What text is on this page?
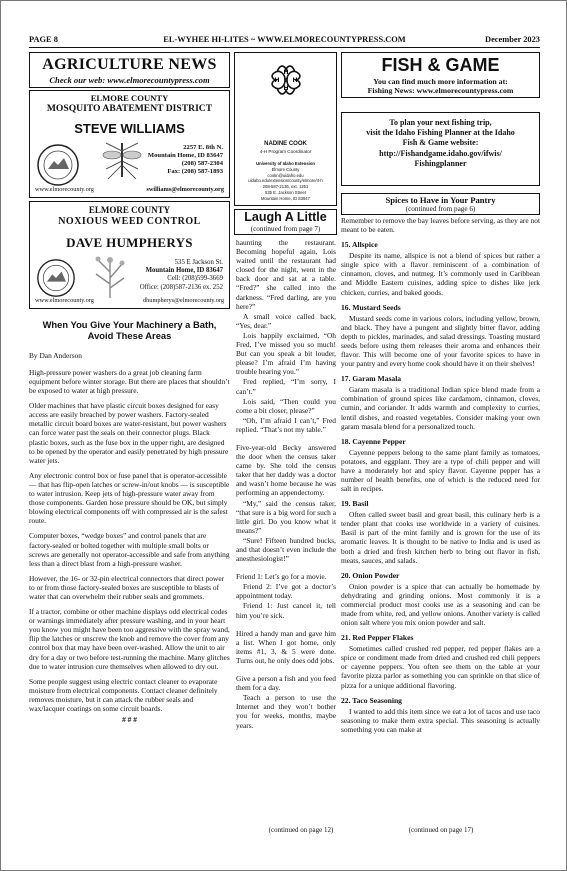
PAGE 8	EL-WYHEE HI-LITES ~ WWW.ELMORECOUNTYPRESS.COM	December 2023
AGRICULTURE NEWS
Check our web: www.elmorecountypress.com
ELMORE COUNTY
MOSQUITO ABATEMENT DISTRICT
STEVE WILLIAMS
2257 E. 8th N.
Mountain Home, ID 83647
(208) 587-2304
Fax: (208) 587-1893
www.elmorecounty.org	swilliams@elmorecounty.org
ELMORE COUNTY
NOXIOUS WEED CONTROL
DAVE HUMPHERYS
535 E Jackson St.
Mountain Home, ID 83647
Cell: (208)599-3669
Office: (208)587-2136 ex. 252
www.elmorecounty.org	dhumpherys@elmorecounty.org
When You Give Your Machinery a Bath,
Avoid These Areas
By Dan Anderson

High-pressure power washers do a great job cleaning farm equipment before winter storage. But there are places that shouldn’t be exposed to water at high pressure.

Older machines that have plastic circuit boxes designed for easy access are easily breached by power washers. Factory-sealed metallic circuit board boxes are water-resistant, but power washers can force water past the seals on their connector plugs. Black plastic boxes, such as the fuse box in the upper right, are designed to be opened by the operator and easily penetrated by high pressure water jets.

Any electronic control box or fuse panel that is operator-accessible — that has flip-open latches or screw-in/out knobs — is susceptible to water intrusion. Keep jets of high-pressure water away from those components. Garden hose pressure should be OK, but simply blowing electrical components off with compressed air is the safest route.

Computer boxes, “wedge boxes” and control panels that are factory-sealed or bolted together with multiple small bolts or screws are generally not operator-accessible and safe from anything less than a direct blast from a high-pressure washer.

However, the 16- or 32-pin electrical connectors that direct power to or from those factory-sealed boxes are susceptible to blasts of water that can overwhelm their rubber seals and grommets.

If a tractor, combine or other machine displays odd electrical codes or warnings immediately after pressure washing, and in your heart you know you might have been too aggressive with the spray wand, flip the latches or unscrew the knob and remove the cover from any control box that may have been over-washed. Allow the unit to air dry for a day or two before test-running the machine. Many glitches due to water intrusion cure themselves when allowed to dry out.

Some people suggest using electric contact cleaner to evaporate moisture from electrical components. Contact cleaner definitely removes moisture, but it can attack the rubber seals and wax/lacquer coatings on some circuit boards.

# # #
H
H
H H
NADINE COOK
4-H Program Coordinator
University of Idaho Extension
Elmore County
cookn@uidaho.edu
uidaho.edu/extension/county/elmore/4-h
208-587-2136, ext. 1251
535 E. Jackson Street
Mountain Home, ID 83647
Laugh A Little
(continued from page 7)

haunting the restaurant. Becoming hopeful again, Lois waited until the restaurant had closed for the night, went in the back door and sat at a table. “Fred?” she called into the darkness. “Fred darling, are you here?”

A small voice called back, “Yes, dear.”

Lois happily exclaimed, “Oh Fred, I’ve missed you so much! But can you speak a bit louder, please? I’m afraid I’m having trouble hearing you.”

Fred replied, “I’m sorry, I can’t.”

Lois said, “Then could you come a bit closer, please?”

“Oh, I’m afraid I can’t,” Fred replied. “That’s not my table.”

Five-year-old Becky answered the door when the census taker came by. She told the census taker that her daddy was a doctor and wasn’t home because he was performing an appendectomy.

“My,” said the census taker, “that sure is a big word for such a little girl. Do you know what it means?”

“Sure! Fifteen hundred bucks, and that doesn’t even include the anesthesiologist!”

Friend 1: Let’s go for a movie.

Friend 2: I’ve got a doctor’s appointment today.

Friend 1: Just cancel it, tell him you’re sick.

Hired a handy man and gave him a list. When I got home, only items #1, 3, & 5 were done. Turns out, he only does odd jobs.

Give a person a fish and you feed them for a day.

Teach a person to use the Internet and they won’t bother you for weeks, months, maybe years.

(continued on page 12)
FISH & GAME
You can find much more information at:
Fishing News: www.elmorecountypress.com
To plan your next fishing trip,
visit the Idaho Fishing Planner at the Idaho
Fish & Game website:
http://Fishandgame.idaho.gov/ifwis/
Fishingplanner
Spices to Have in Your Pantry
(continued from page 6)

Remember to remove the bay leaves before serving, as they are not meant to be eaten.

15. Allspice

Despite its name, allspice is not a blend of spices but rather a single spice with a flavor reminiscent of a combination of cinnamon, cloves, and nutmeg. It’s commonly used in Caribbean and Middle Eastern cuisines, adding spice to dishes like jerk chicken, curries, and baked goods.

16. Mustard Seeds

Mustard seeds come in various colors, including yellow, brown, and black. They have a pungent and slightly bitter flavor, adding depth to pickles, marinades, and salad dressings. Toasting mustard seeds before using them releases their aroma and enhances their flavor. This will become one of your favorite spices to have in your pantry and every home cook should have it on their shelves!

17. Garam Masala

Garam masala is a traditional Indian spice blend made from a combination of ground spices like cardamom, cinnamon, cloves, cumin, and coriander. It adds warmth and complexity to curries, lentil dishes, and roasted vegetables. Consider making your own garam masala blend for a personalized touch.

18. Cayenne Pepper

Cayenne peppers belong to the same plant family as tomatoes, potatoes, and eggplant. They are a type of chili pepper and will have a moderately hot and spicy flavor. Cayenne pepper has a number of health benefits, one of which is the reduced need for salt in recipes.

19. Basil

Often called sweet basil and great basil, this culinary herb is a tender plant that cooks use worldwide in a variety of cuisines. Basil is part of the mint family and is grown for the use of its aromatic leaves. It is thought to be native to India and is used as both a dried and fresh kitchen herb to bring out flavor in fish, meats, sauces, and salads.

20. Onion Powder

Onion powder is a spice that can actually be homemade by dehydrating and grinding onions. Most commonly it is a commercial product most cooks use as a seasoning and can be made from white, red, and yellow onions. Another variety is called onion salt where you mix onion powder and salt.

21. Red Pepper Flakes

Sometimes called crushed red pepper, red pepper flakes are a spice or condiment made from dried and crushed red chili peppers or cayenne peppers. You often see them on the table at your favorite pizza parlor as something you can sprinkle on that slice of pizza for a unique additional flavoring.

22. Taco Seasoning

I wanted to add this item since we eat a lot of tacos and use taco seasoning to make them extra special. This seasoning is actually something you can make at

(continued on page 17)
